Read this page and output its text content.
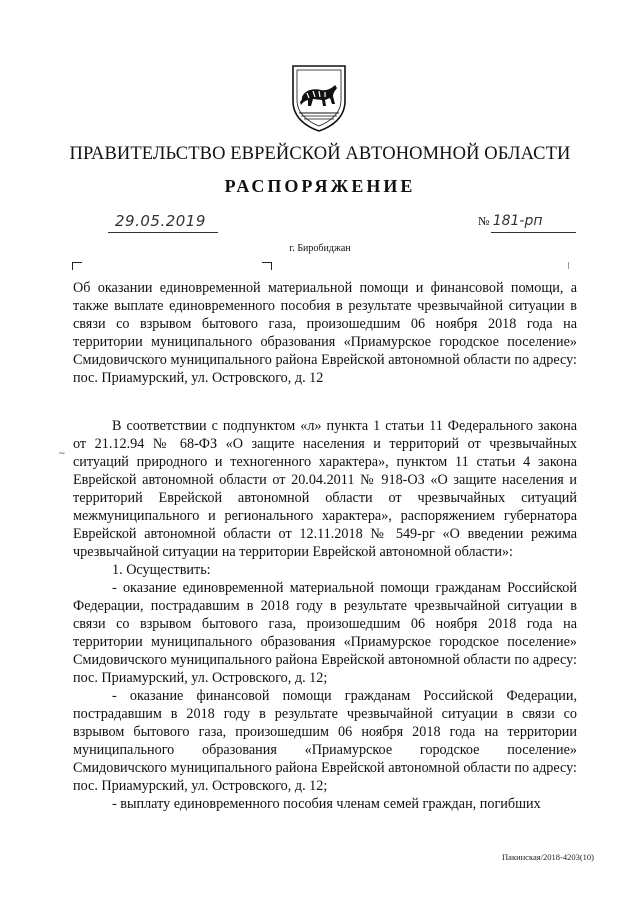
ПРАВИТЕЛЬСТВО ЕВРЕЙСКОЙ АВТОНОМНОЙ ОБЛАСТИ
РАСПОРЯЖЕНИЕ
29.05.2019	№ 181-рп
г. Биробиджан
Об оказании единовременной материальной помощи и финансовой помощи, а также выплате единовременного пособия в результате чрезвычайной ситуации в связи со взрывом бытового газа, произошедшим 06 ноября 2018 года на территории муниципального образования «Приамурское городское поселение» Смидовичского муниципального района Еврейской автономной области по адресу: пос. Приамурский, ул. Островского, д. 12
~

В соответствии с подпунктом «л» пункта 1 статьи 11 Федерального закона от 21.12.94 № 68-ФЗ «О защите населения и территорий от чрезвычайных ситуаций природного и техногенного характера», пунктом 11 статьи 4 закона Еврейской автономной области от 20.04.2011 № 918-ОЗ «О защите населения и территорий Еврейской автономной области от чрезвычайных ситуаций межмуниципального и регионального характера», распоряжением губернатора Еврейской автономной области от 12.11.2018 № 549-рг «О введении режима чрезвычайной ситуации на территории Еврейской автономной области»:

1. Осуществить:

- оказание единовременной материальной помощи гражданам Российской Федерации, пострадавшим в 2018 году в результате чрезвычайной ситуации в связи со взрывом бытового газа, произошедшим 06 ноября 2018 года на территории муниципального образования «Приамурское городское поселение» Смидовичского муниципального района Еврейской автономной области по адресу: пос. Приамурский, ул. Островского, д. 12;

- оказание финансовой помощи гражданам Российской Федерации, пострадавшим в 2018 году в результате чрезвычайной ситуации в связи со взрывом бытового газа, произошедшим 06 ноября 2018 года на территории муниципального образования «Приамурское городское поселение» Смидовичского муниципального района Еврейской автономной области по адресу: пос. Приамурский, ул. Островского, д. 12;

- выплату единовременного пособия членам семей граждан, погибших

Пакинская/2018-4203(10)
